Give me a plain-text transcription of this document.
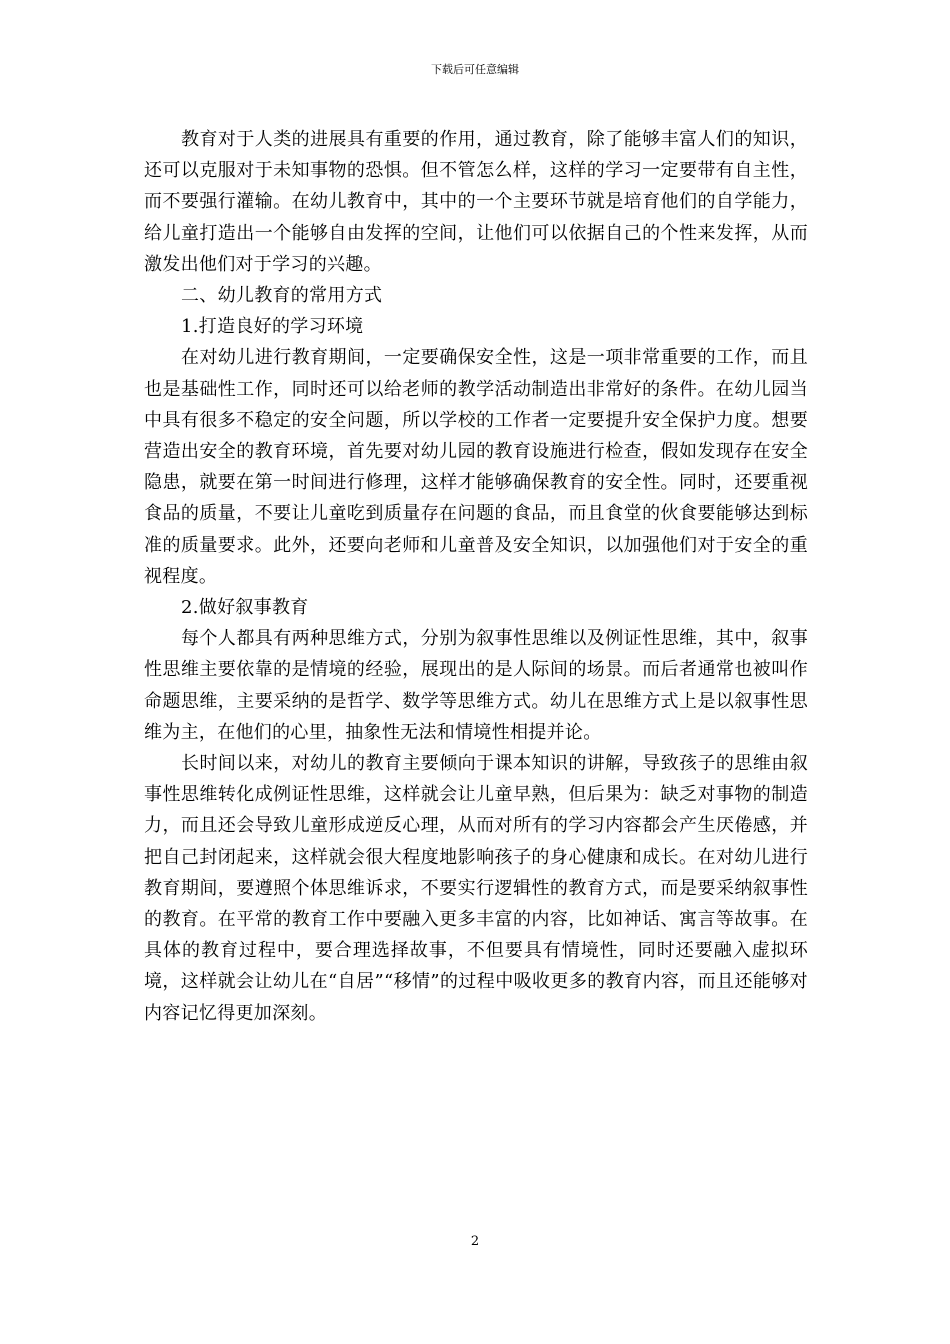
下载后可任意编辑

教育对于人类的进展具有重要的作用，通过教育，除了能够丰富人们的知识，还可以克服对于未知事物的恐惧。但不管怎么样，这样的学习一定要带有自主性，而不要强行灌输。在幼儿教育中，其中的一个主要环节就是培育他们的自学能力，给儿童打造出一个能够自由发挥的空间，让他们可以依据自己的个性来发挥，从而激发出他们对于学习的兴趣。

二、幼儿教育的常用方式

1.打造良好的学习环境

在对幼儿进行教育期间，一定要确保安全性，这是一项非常重要的工作，而且也是基础性工作，同时还可以给老师的教学活动制造出非常好的条件。在幼儿园当中具有很多不稳定的安全问题，所以学校的工作者一定要提升安全保护力度。想要营造出安全的教育环境，首先要对幼儿园的教育设施进行检查，假如发现存在安全隐患，就要在第一时间进行修理，这样才能够确保教育的安全性。同时，还要重视食品的质量，不要让儿童吃到质量存在问题的食品，而且食堂的伙食要能够达到标准的质量要求。此外，还要向老师和儿童普及安全知识，以加强他们对于安全的重视程度。

2.做好叙事教育

每个人都具有两种思维方式，分别为叙事性思维以及例证性思维，其中，叙事性思维主要依靠的是情境的经验，展现出的是人际间的场景。而后者通常也被叫作命题思维，主要采纳的是哲学、数学等思维方式。幼儿在思维方式上是以叙事性思维为主，在他们的心里，抽象性无法和情境性相提并论。

长时间以来，对幼儿的教育主要倾向于课本知识的讲解，导致孩子的思维由叙事性思维转化成例证性思维，这样就会让儿童早熟，但后果为：缺乏对事物的制造力，而且还会导致儿童形成逆反心理，从而对所有的学习内容都会产生厌倦感，并把自己封闭起来，这样就会很大程度地影响孩子的身心健康和成长。在对幼儿进行教育期间，要遵照个体思维诉求，不要实行逻辑性的教育方式，而是要采纳叙事性的教育。在平常的教育工作中要融入更多丰富的内容，比如神话、寓言等故事。在具体的教育过程中，要合理选择故事，不但要具有情境性，同时还要融入虚拟环境，这样就会让幼儿在“自居”“移情”的过程中吸收更多的教育内容，而且还能够对内容记忆得更加深刻。

2
